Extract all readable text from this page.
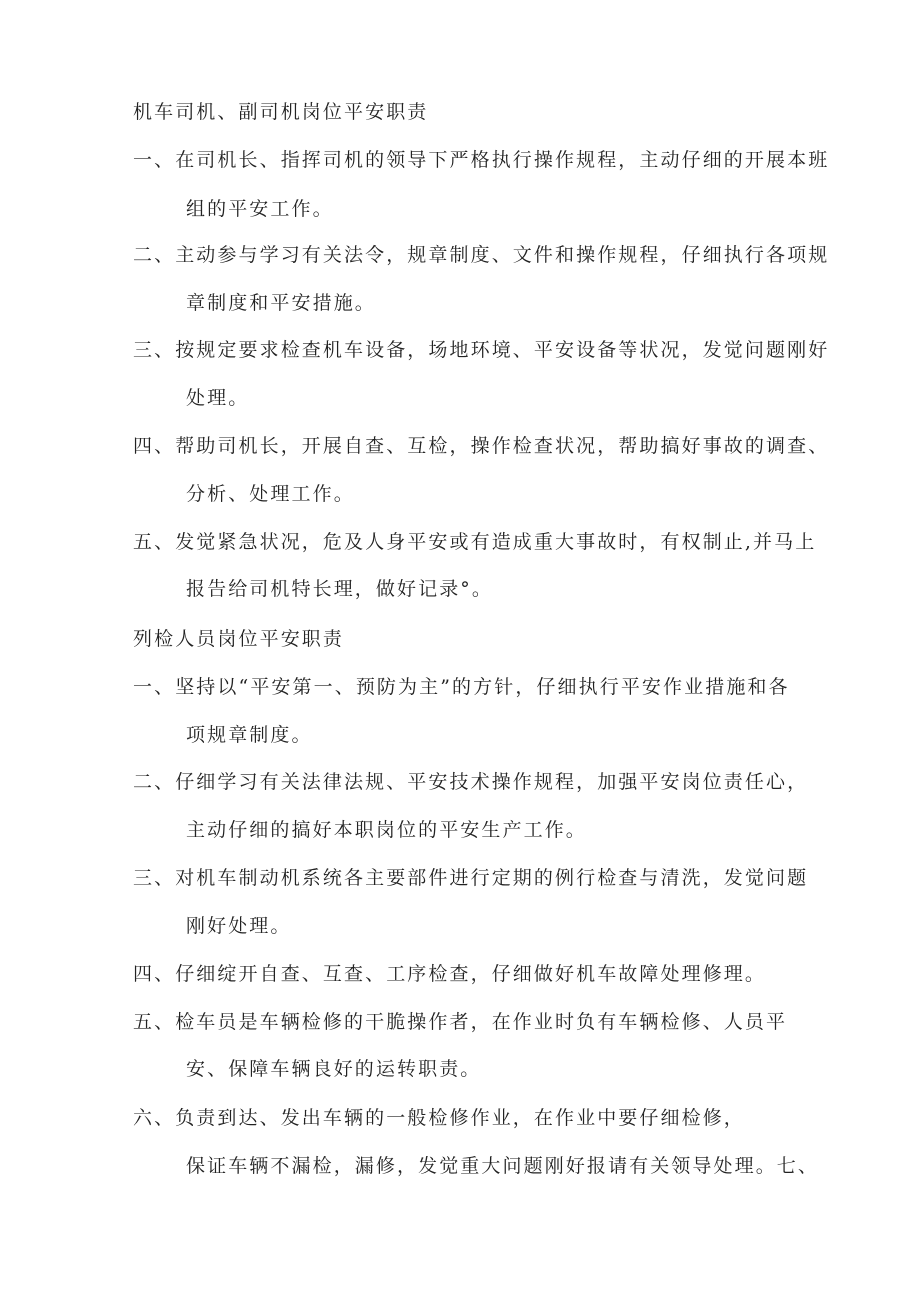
机车司机、副司机岗位平安职责
一、在司机长、指挥司机的领导下严格执行操作规程，主动仔细的开展本班
组的平安工作。
二、主动参与学习有关法令，规章制度、文件和操作规程，仔细执行各项规
章制度和平安措施。
三、按规定要求检查机车设备，场地环境、平安设备等状况，发觉问题刚好
处理。
四、帮助司机长，开展自查、互检，操作检查状况，帮助搞好事故的调查、
分析、处理工作。
五、发觉紧急状况，危及人身平安或有造成重大事故时，有权制止,并马上
报告给司机特长理，做好记录°。
列检人员岗位平安职责
一、坚持以“平安第一、预防为主”的方针，仔细执行平安作业措施和各
项规章制度。
二、仔细学习有关法律法规、平安技术操作规程，加强平安岗位责任心，
主动仔细的搞好本职岗位的平安生产工作。
三、对机车制动机系统各主要部件进行定期的例行检查与清洗，发觉问题
刚好处理。
四、仔细绽开自查、互查、工序检查，仔细做好机车故障处理修理。
五、检车员是车辆检修的干脆操作者，在作业时负有车辆检修、人员平
安、保障车辆良好的运转职责。
六、负责到达、发出车辆的一般检修作业，在作业中要仔细检修，
保证车辆不漏检，漏修，发觉重大问题刚好报请有关领导处理。七、
